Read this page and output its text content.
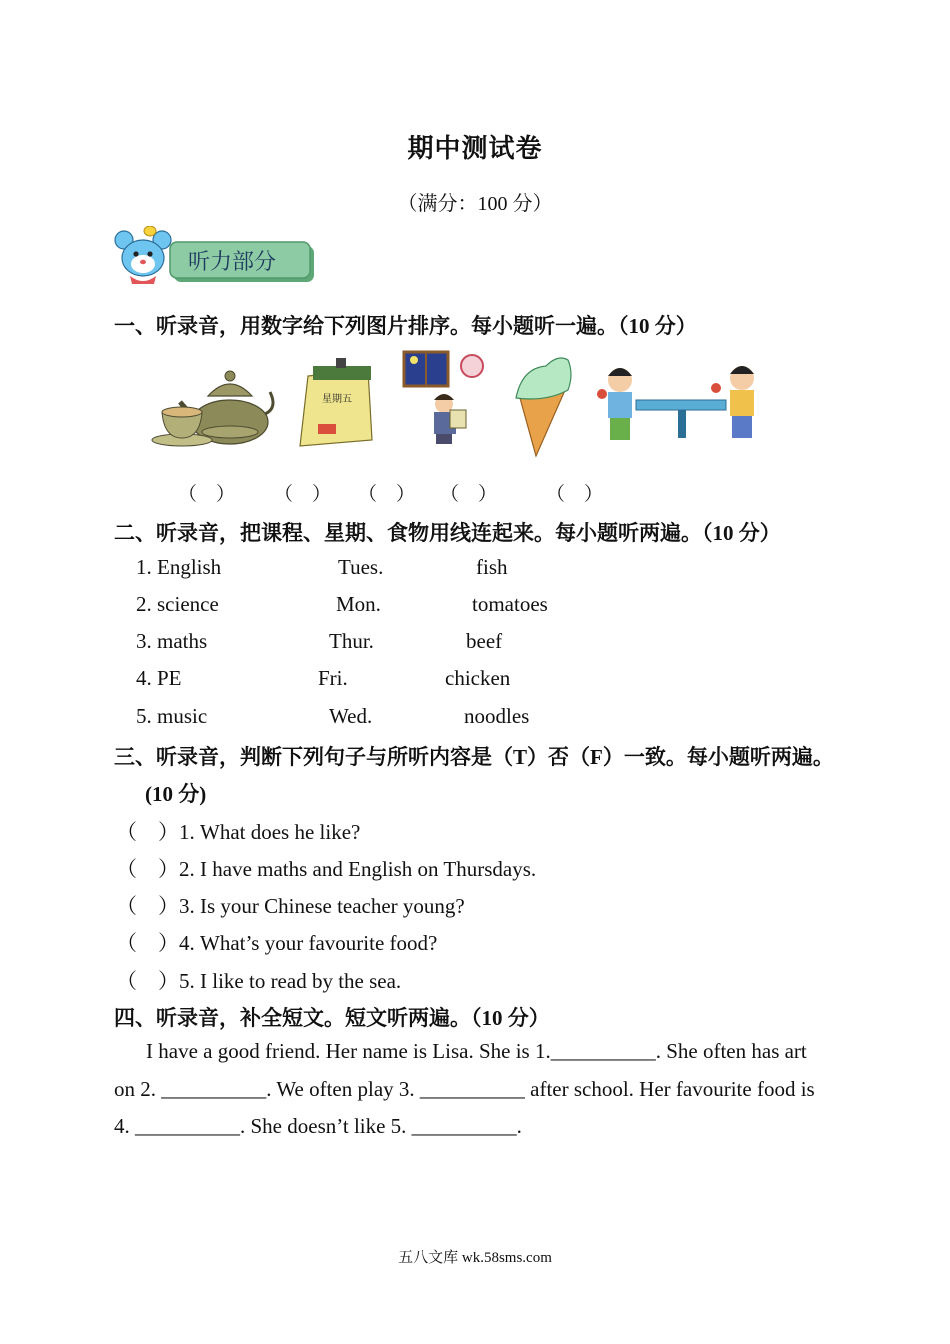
期中测试卷
（满分：100 分）
听力部分
一、听录音，用数字给下列图片排序。每小题听一遍。（10 分）
星期五
（　） （　） （　） （　）	（　）
二、听录音，把课程、星期、食物用线连起来。每小题听两遍。（10 分）
1. English
2. science
3. maths
4. PE
5. music
Tues.
Mon.
Thur.
Fri.
Wed.
fish
tomatoes
beef
chicken
noodles
三、听录音，判断下列句子与所听内容是（T）否（F）一致。每小题听两遍。
(10 分)
（　）1. What does he like?
（　）2. I have maths and English on Thursdays.
（　）3. Is your Chinese teacher young?
（　）4. What’s your favourite food?
（　）5. I like to read by the sea.
四、听录音，补全短文。短文听两遍。（10 分）
I have a good friend. Her name is Lisa. She is 1.__________. She often has art
on 2. __________. We often play 3. __________ after school. Her favourite food is
4. __________. She doesn’t like 5. __________.
五八文库 wk.58sms.com
